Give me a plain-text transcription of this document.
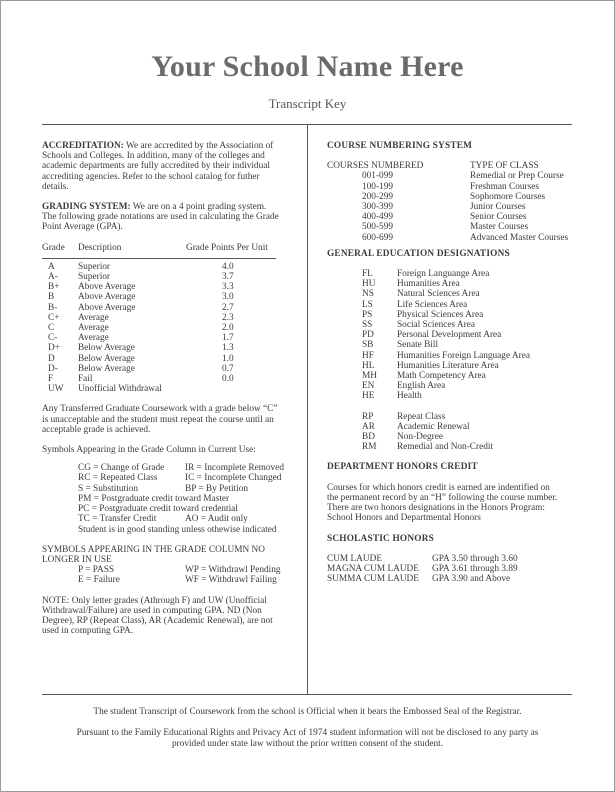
Your School Name Here
Transcript Key
ACCREDITATION: We are accredited by the Association of
Schools and Colleges. In addition, many of the colleges and
academic departments are fully accredited by their individual
accrediting agencies. Refer to the school catalog for futher
details.
GRADING SYSTEM: We are on a 4 point grading system.
The following grade notations are used in calculating the Grade
Point Average (GPA).
Grade	Description	Grade Points Per Unit
A	Superior	4.0
A-	Superior	3.7
B+	Above Average	3.3
B	Above Average	3.0
B-	Above Average	2.7
C+	Average	2.3
C	Average	2.0
C-	Average	1.7
D+	Below Average	1.3
D	Below Average	1.0
D-	Below Average	0.7
F	Fail	0.0
UW	Unofficial Withdrawal
Any Transferred Graduate Coursework with a grade below “C”
is unacceptable and the student must repeat the course until an
acceptable grade is achieved.
Symbols Appearing in the Grade Column in Current Use:
CG = Change of Grade	IR = Incomplete Removed
RC = Repeated Class	IC = Incomplete Changed
S = Substitution	BP = By Petition
PM = Postgraduate credit toward Master
PC = Postgraduate credit toward credential
TC = Transfer Credit	AO = Audit only
Student is in good standing unless othewise indicated
SYMBOLS APPEARING IN THE GRADE COLUMN NO
LONGER IN USE
P = PASS	WP = Withdrawl Pending
E = Failure	WF = Withdrawl Failing
NOTE: Only letter grades (Athrough F) and UW (Unofficial
Withdrawal/Failure) are used in computing GPA. ND (Non
Degree), RP (Repeat Class), AR (Academic Renewal), are not
used in computing GPA.
COURSE NUMBERING SYSTEM
COURSES NUMBERED	TYPE OF CLASS
001-099	Remedial or Prep Course
100-199	Freshman Courses
200-299	Sophomore Courses
300-399	Junior Courses
400-499	Senior Courses
500-599	Master Courses
600-699	Advanced Master Courses
GENERAL EDUCATION DESIGNATIONS
FL	Foreign Languange Area
HU	Humanities Area
NS	Natural Sciences Area
LS	Life Sciences Area
PS	Physical Sciences Area
SS	Social Sciences Area
PD	Personal Development Area
SB	Senate Bill
HF	Humanities Foreign Language Area
HL	Humanities Literature Area
MH	Math Competency Area
EN	English Area
HE	Health
RP	Repeat Class
AR	Academic Renewal
BD	Non-Degree
RM	Remedial and Non-Credit
DEPARTMENT HONORS CREDIT
Courses for which honors credit is earned are indentified on
the permanent record by an “H” following the course number.
There are two honors designations in the Honors Program:
School Honors and Departmental Honors
SCHOLASTIC HONORS
CUM LAUDE	GPA 3.50 through 3.60
MAGNA CUM LAUDE	GPA 3.61 through 3.89
SUMMA CUM LAUDE	GPA 3.90 and Above
The student Transcript of Coursework from the school is Official when it bears the Embossed Seal of the Registrar.
Pursuant to the Family Educational Rights and Privacy Act of 1974 student information will not be disclosed to any party as
provided under state law without the prior written consent of the student.
